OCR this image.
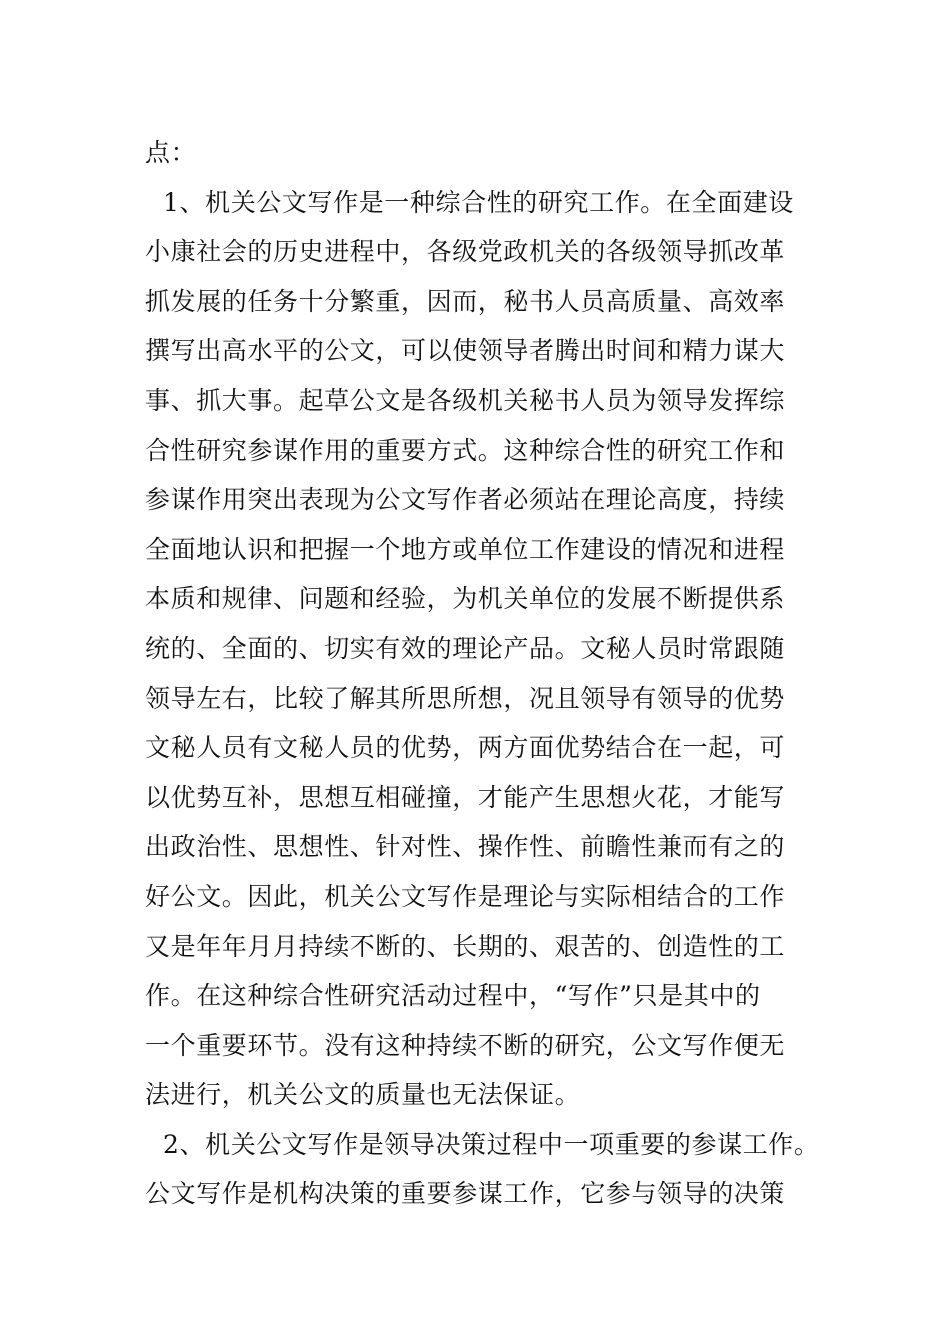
点：
1、机关公文写作是一种综合性的研究工作。在全面建设
小康社会的历史进程中，各级党政机关的各级领导抓改革
抓发展的任务十分繁重，因而，秘书人员高质量、高效率
撰写出高水平的公文，可以使领导者腾出时间和精力谋大
事、抓大事。起草公文是各级机关秘书人员为领导发挥综
合性研究参谋作用的重要方式。这种综合性的研究工作和
参谋作用突出表现为公文写作者必须站在理论高度，持续
全面地认识和把握一个地方或单位工作建设的情况和进程
本质和规律、问题和经验，为机关单位的发展不断提供系
统的、全面的、切实有效的理论产品。文秘人员时常跟随
领导左右，比较了解其所思所想，况且领导有领导的优势
文秘人员有文秘人员的优势，两方面优势结合在一起，可
以优势互补，思想互相碰撞，才能产生思想火花，才能写
出政治性、思想性、针对性、操作性、前瞻性兼而有之的
好公文。因此，机关公文写作是理论与实际相结合的工作
又是年年月月持续不断的、长期的、艰苦的、创造性的工
作。在这种综合性研究活动过程中，“写作”只是其中的
一个重要环节。没有这种持续不断的研究，公文写作便无
法进行，机关公文的质量也无法保证。
2、机关公文写作是领导决策过程中一项重要的参谋工作。
公文写作是机构决策的重要参谋工作，它参与领导的决策
